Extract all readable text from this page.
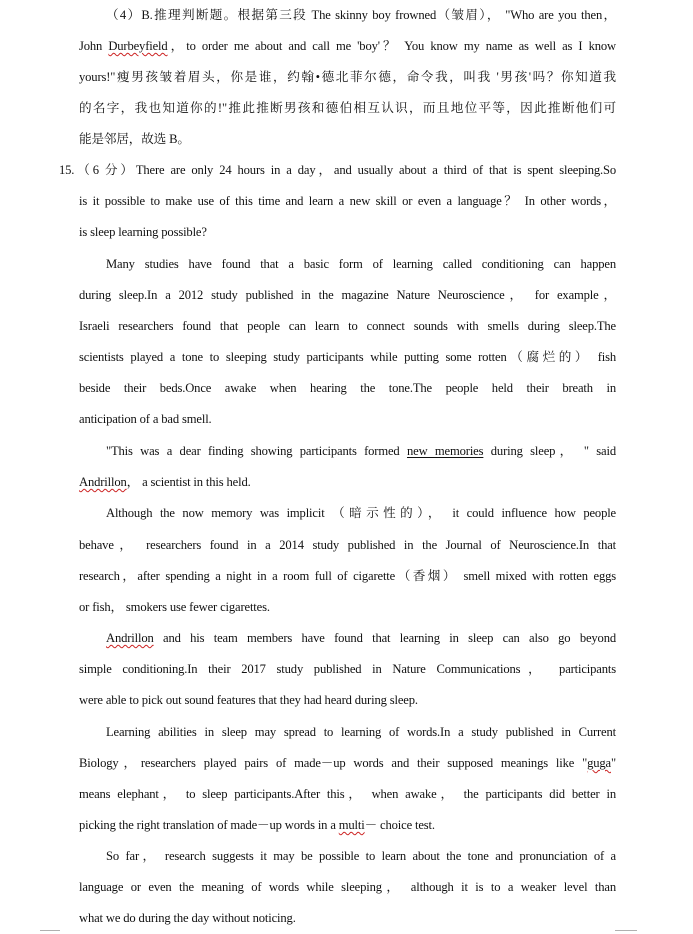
（4）B.推理判断题。根据第三段 The skinny boy frowned（皱眉）， "Who are you then，
John Durbeyfield，to order me about and call me 'boy'？ You know my name as well as I know
yours!"瘦男孩皱着眉头，你是谁，约翰•德北菲尔德，命令我，叫我 '男孩'吗？你知道我
的名字，我也知道你的!"推此推断男孩和德伯相互认识，而且地位平等，因此推断他们可
能是邻居，故选 B。
15.（6 分）There are only 24 hours in a day，and usually about a third of that is spent sleeping.So
is it possible to make use of this time and learn a new skill or even a language？ In other words，
is sleep learning possible?
Many studies have found that a basic form of learning called conditioning can happen
during sleep.In a 2012 study published in the magazine Nature Neuroscience， for example，
Israeli researchers found that people can learn to connect sounds with smells during sleep.The
scientists played a tone to sleeping study participants while putting some rotten（腐烂的） fish
beside their beds.Once awake when hearing the tone.The people held their breath in
anticipation of a bad smell.
"This was a dear finding showing participants formed new memories during sleep， " said
Andrillon， a scientist in this held.
Although the now memory was implicit （暗示性的）， it could influence how people
behave， researchers found in a 2014 study published in the Journal of Neuroscience.In that
research，after spending a night in a room full of cigarette（香烟） smell mixed with rotten eggs
or fish， smokers use fewer cigarettes.
Andrillon and his team members have found that learning in sleep can also go beyond
simple conditioning.In their 2017 study published in Nature Communications， participants
were able to pick out sound features that they had heard during sleep.
Learning abilities in sleep may spread to learning of words.In a study published in Current
Biology，researchers played pairs of made－up words and their supposed meanings like "guga"
means elephant， to sleep participants.After this， when awake， the participants did better in
picking the right translation of made－up words in a multi－ choice test.
So far， research suggests it may be possible to learn about the tone and pronunciation of a
language or even the meaning of words while sleeping， although it is to a weaker level than
what we do during the day without noticing.
